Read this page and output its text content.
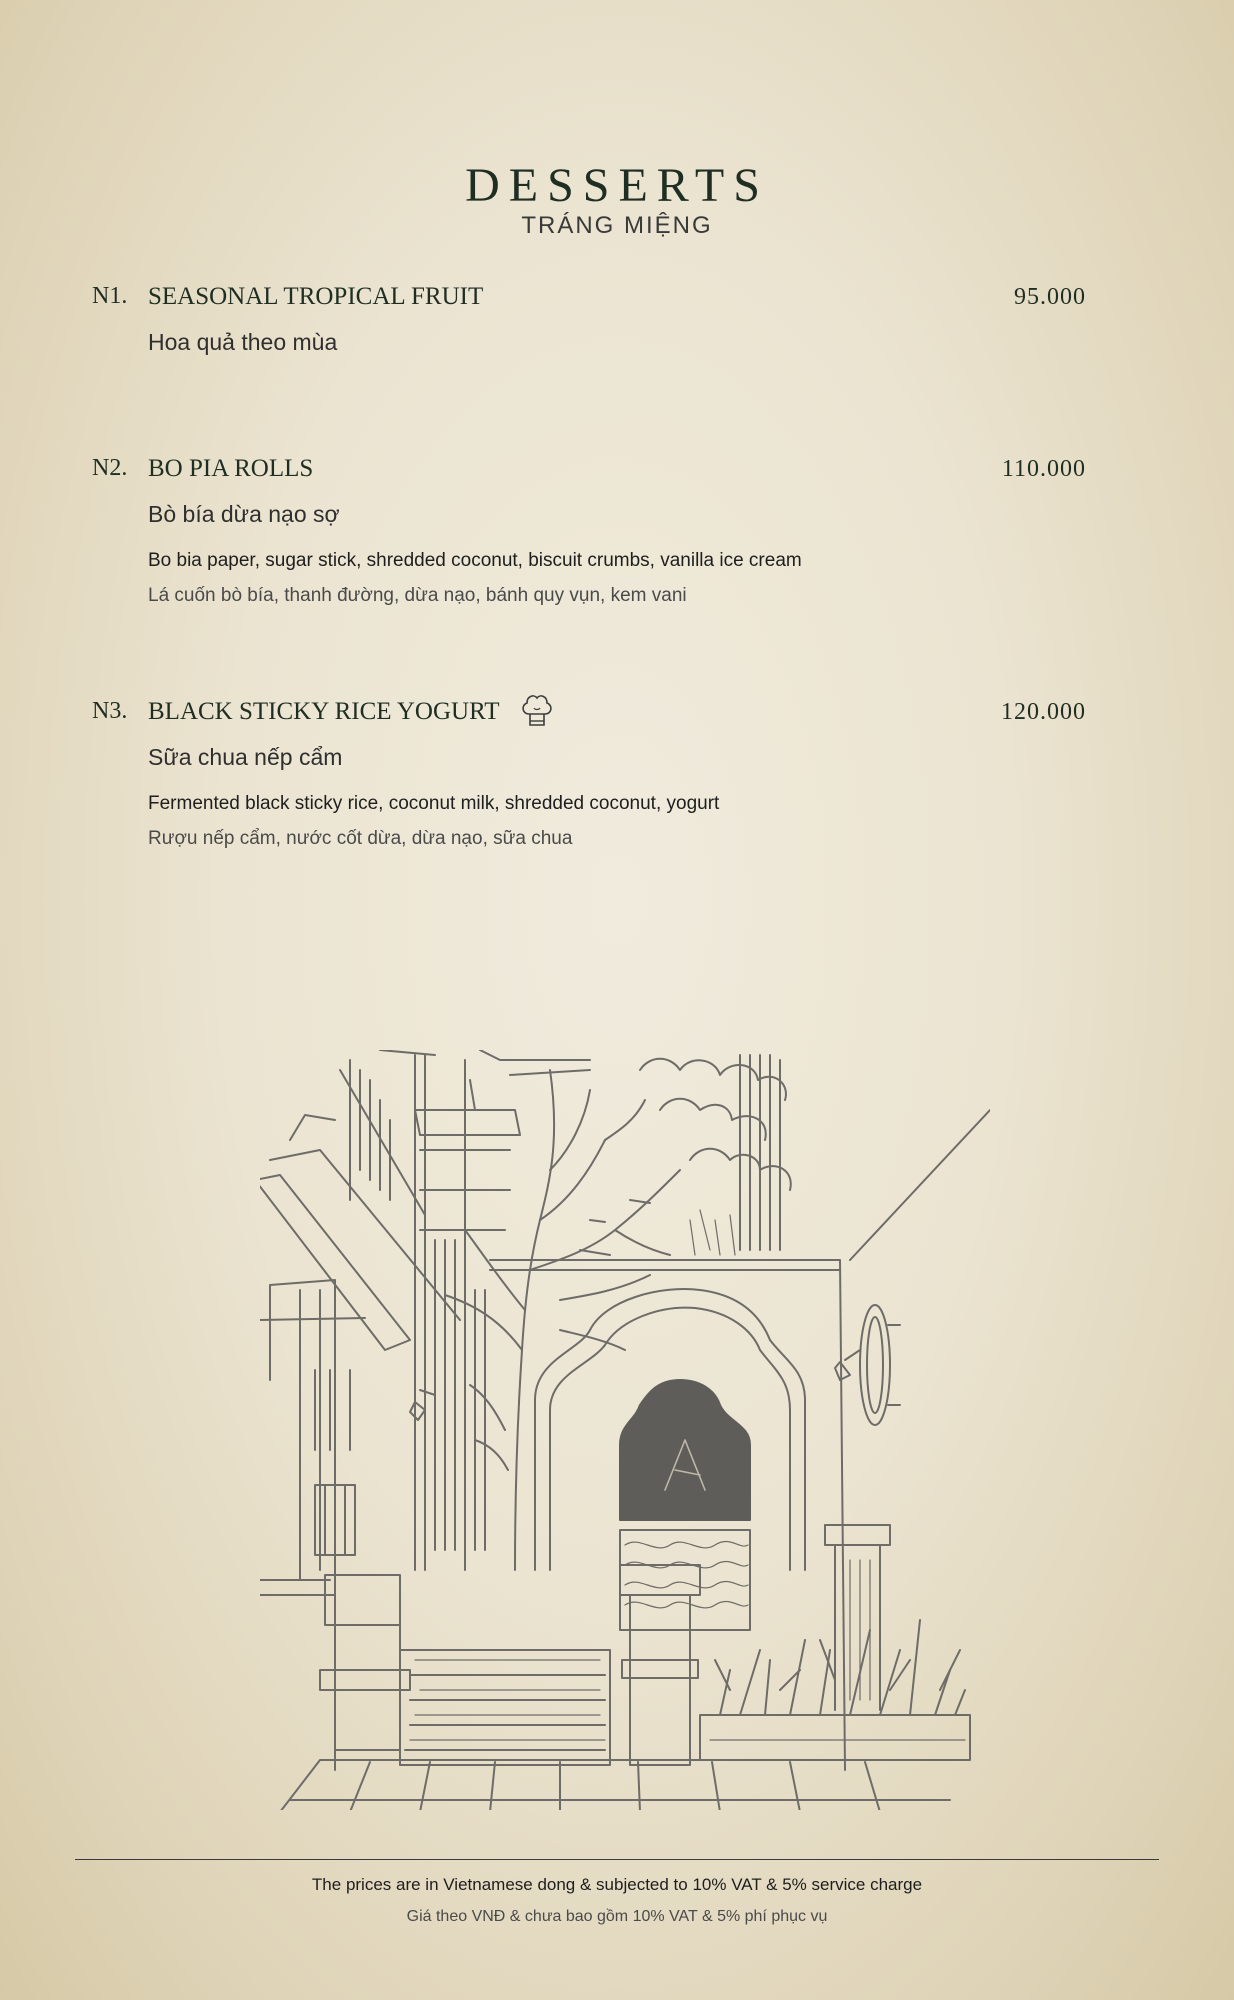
DESSERTS
TRÁNG MIỆNG
N1. SEASONAL TROPICAL FRUIT	95.000
Hoa quả theo mùa
N2. BO PIA ROLLS	110.000
Bò bía dừa nạo sợ
Bo bia paper, sugar stick, shredded coconut, biscuit crumbs, vanilla ice cream
Lá cuốn bò bía, thanh đường, dừa nạo, bánh quy vụn, kem vani
N3. BLACK STICKY RICE YOGURT	120.000
Sữa chua nếp cẩm
Fermented black sticky rice, coconut milk, shredded coconut, yogurt
Rượu nếp cẩm, nước cốt dừa, dừa nạo, sữa chua
The prices are in Vietnamese dong & subjected to 10% VAT & 5% service charge
Giá theo VNĐ & chưa bao gồm 10% VAT & 5% phí phục vụ
